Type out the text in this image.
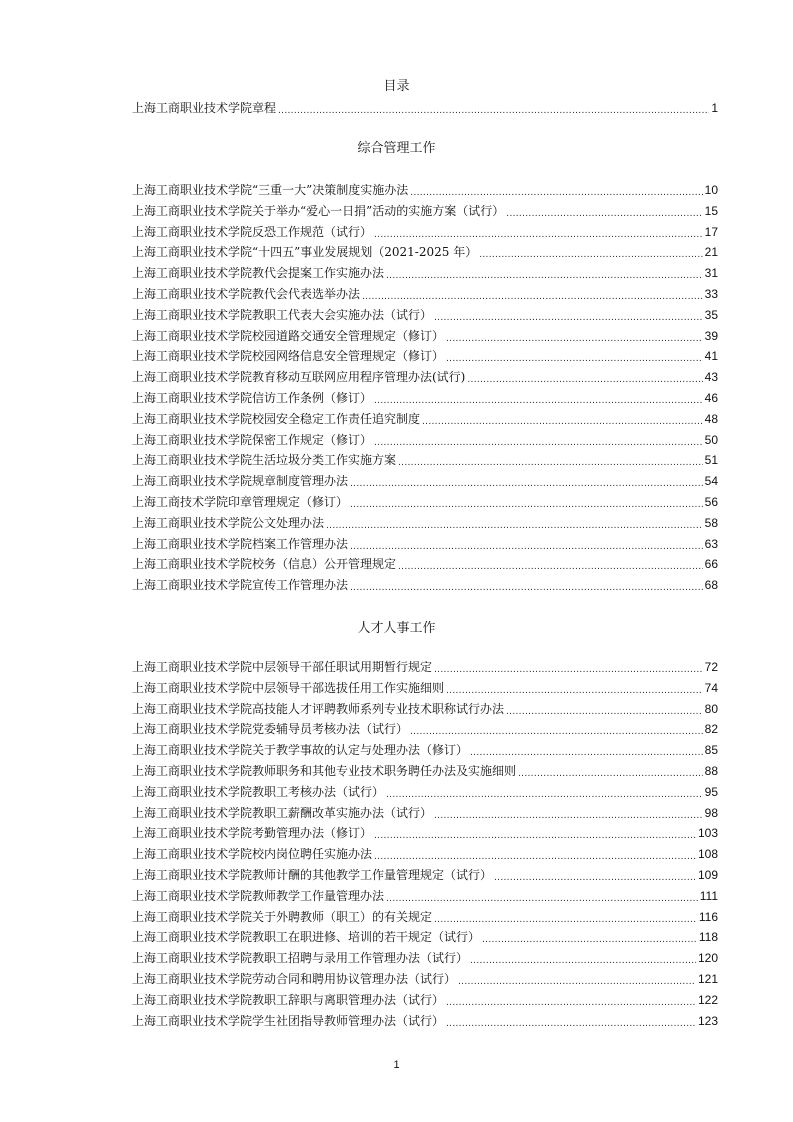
目录
上海工商职业技术学院章程 .....	1
综合管理工作
上海工商职业技术学院“三重一大”决策制度实施办法 .....	10
上海工商职业技术学院关于举办“爱心一日捐”活动的实施方案（试行） .....	15
上海工商职业技术学院反恐工作规范（试行） .....	17
上海工商职业技术学院“十四五”事业发展规划（2021-2025 年） .....	21
上海工商职业技术学院教代会提案工作实施办法 .....	31
上海工商职业技术学院教代会代表选举办法 .....	33
上海工商职业技术学院教职工代表大会实施办法（试行） .....	35
上海工商职业技术学院校园道路交通安全管理规定（修订） .....	39
上海工商职业技术学院校园网络信息安全管理规定（修订） .....	41
上海工商职业技术学院教育移动互联网应用程序管理办法(试行) .....	43
上海工商职业技术学院信访工作条例（修订） .....	46
上海工商职业技术学院校园安全稳定工作责任追究制度 .....	48
上海工商职业技术学院保密工作规定（修订） .....	50
上海工商职业技术学院生活垃圾分类工作实施方案 .....	51
上海工商职业技术学院规章制度管理办法 .....	54
上海工商技术学院印章管理规定（修订） .....	56
上海工商职业技术学院公文处理办法 .....	58
上海工商职业技术学院档案工作管理办法 .....	63
上海工商职业技术学院校务（信息）公开管理规定 .....	66
上海工商职业技术学院宣传工作管理办法 .....	68
人才人事工作
上海工商职业技术学院中层领导干部任职试用期暂行规定 .....	72
上海工商职业技术学院中层领导干部选拔任用工作实施细则 .....	74
上海工商职业技术学院高技能人才评聘教师系列专业技术职称试行办法 .....	80
上海工商职业技术学院党委辅导员考核办法（试行） .....	82
上海工商职业技术学院关于教学事故的认定与处理办法（修订） .....	85
上海工商职业技术学院教师职务和其他专业技术职务聘任办法及实施细则 .....	88
上海工商职业技术学院教职工考核办法（试行） .....	95
上海工商职业技术学院教职工薪酬改革实施办法（试行） .....	98
上海工商职业技术学院考勤管理办法（修订） .....	103
上海工商职业技术学院校内岗位聘任实施办法 .....	108
上海工商职业技术学院教师计酬的其他教学工作量管理规定（试行） .....	109
上海工商职业技术学院教师教学工作量管理办法 .....	111
上海工商职业技术学院关于外聘教师（职工）的有关规定 .....	116
上海工商职业技术学院教职工在职进修、培训的若干规定（试行） .....	118
上海工商职业技术学院教职工招聘与录用工作管理办法（试行） .....	120
上海工商职业技术学院劳动合同和聘用协议管理办法（试行） .....	121
上海工商职业技术学院教职工辞职与离职管理办法（试行） .....	122
上海工商职业技术学院学生社团指导教师管理办法（试行） .....	123
1
